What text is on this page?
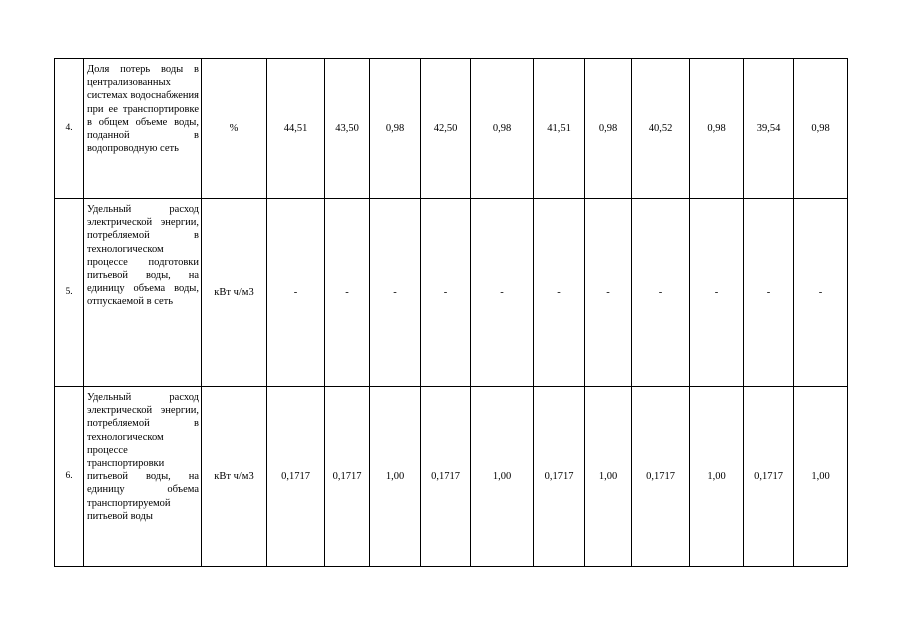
4.	Доля потерь воды в централизованных системах водоснабжения при ее транспортировке в общем объеме воды, поданной в водопроводную сеть	%	44,51	43,50	0,98	42,50	0,98	41,51	0,98	40,52	0,98	39,54	0,98
5.	Удельный расход электрической энергии, потребляемой в технологическом процессе подготовки питьевой воды, на единицу объема воды, отпускаемой в сеть	кВт ч/м3	-	-	-	-	-	-	-	-	-	-	-
6.	Удельный расход электрической энергии, потребляемой в технологическом процессе транспортировки питьевой воды, на единицу объема транспортируемой питьевой воды	кВт ч/м3	0,1717	0,1717	1,00	0,1717	1,00	0,1717	1,00	0,1717	1,00	0,1717	1,00
